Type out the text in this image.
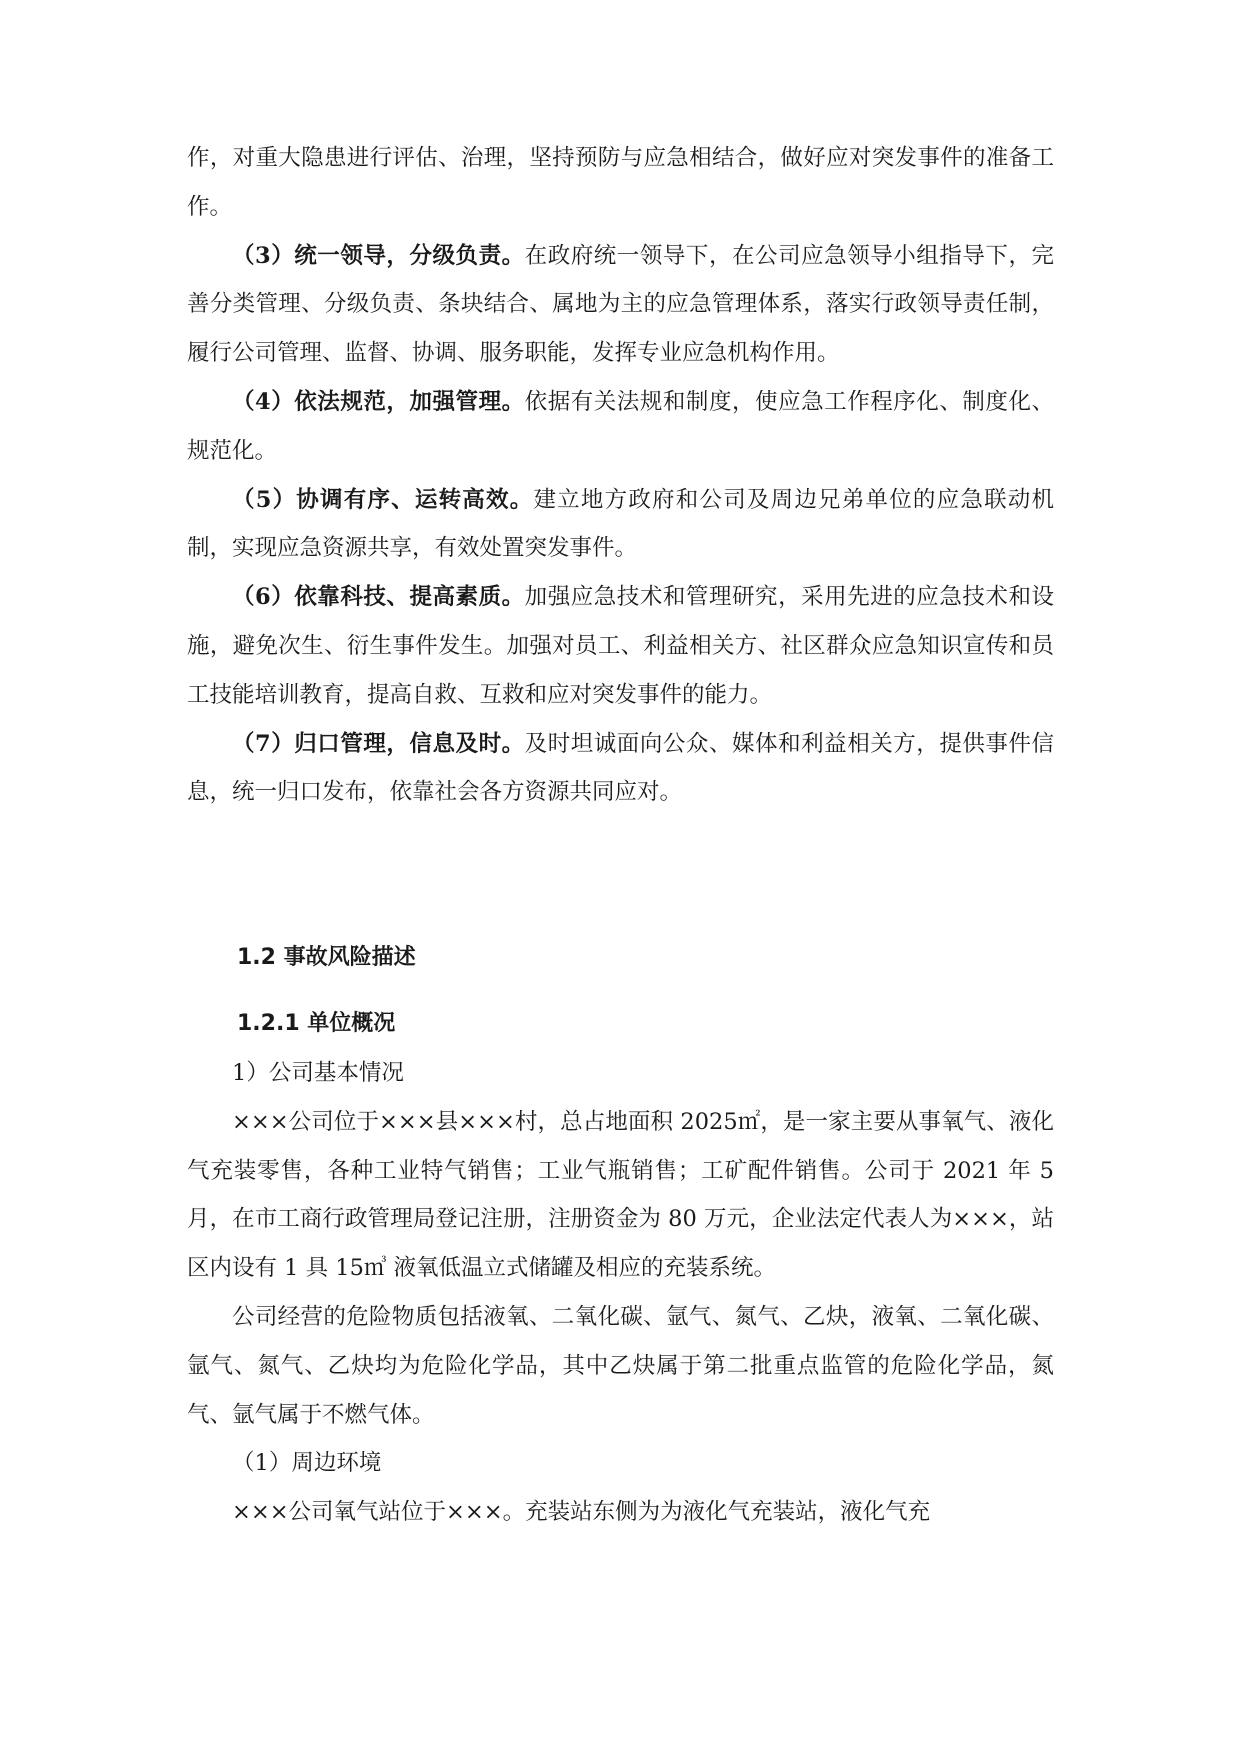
作，对重大隐患进行评估、治理，坚持预防与应急相结合，做好应对突发事件的准备工作。

（3）统一领导，分级负责。在政府统一领导下，在公司应急领导小组指导下，完善分类管理、分级负责、条块结合、属地为主的应急管理体系，落实行政领导责任制，履行公司管理、监督、协调、服务职能，发挥专业应急机构作用。

（4）依法规范，加强管理。依据有关法规和制度，使应急工作程序化、制度化、规范化。

（5）协调有序、运转高效。建立地方政府和公司及周边兄弟单位的应急联动机制，实现应急资源共享，有效处置突发事件。

（6）依靠科技、提高素质。加强应急技术和管理研究，采用先进的应急技术和设施，避免次生、衍生事件发生。加强对员工、利益相关方、社区群众应急知识宣传和员工技能培训教育，提高自救、互救和应对突发事件的能力。

（7）归口管理，信息及时。及时坦诚面向公众、媒体和利益相关方，提供事件信息，统一归口发布，依靠社会各方资源共同应对。

1.2 事故风险描述
1.2.1 单位概况

1）公司基本情况

×××公司位于×××县×××村，总占地面积 2025㎡，是一家主要从事氧气、液化气充装零售，各种工业特气销售；工业气瓶销售；工矿配件销售。公司于 2021 年 5 月，在市工商行政管理局登记注册，注册资金为 80 万元，企业法定代表人为×××，站区内设有 1 具 15㎥ 液氧低温立式储罐及相应的充装系统。

公司经营的危险物质包括液氧、二氧化碳、氩气、氮气、乙炔，液氧、二氧化碳、氩气、氮气、乙炔均为危险化学品，其中乙炔属于第二批重点监管的危险化学品，氮气、氩气属于不燃气体。

（1）周边环境

×××公司氧气站位于×××。充装站东侧为为液化气充装站，液化气充
